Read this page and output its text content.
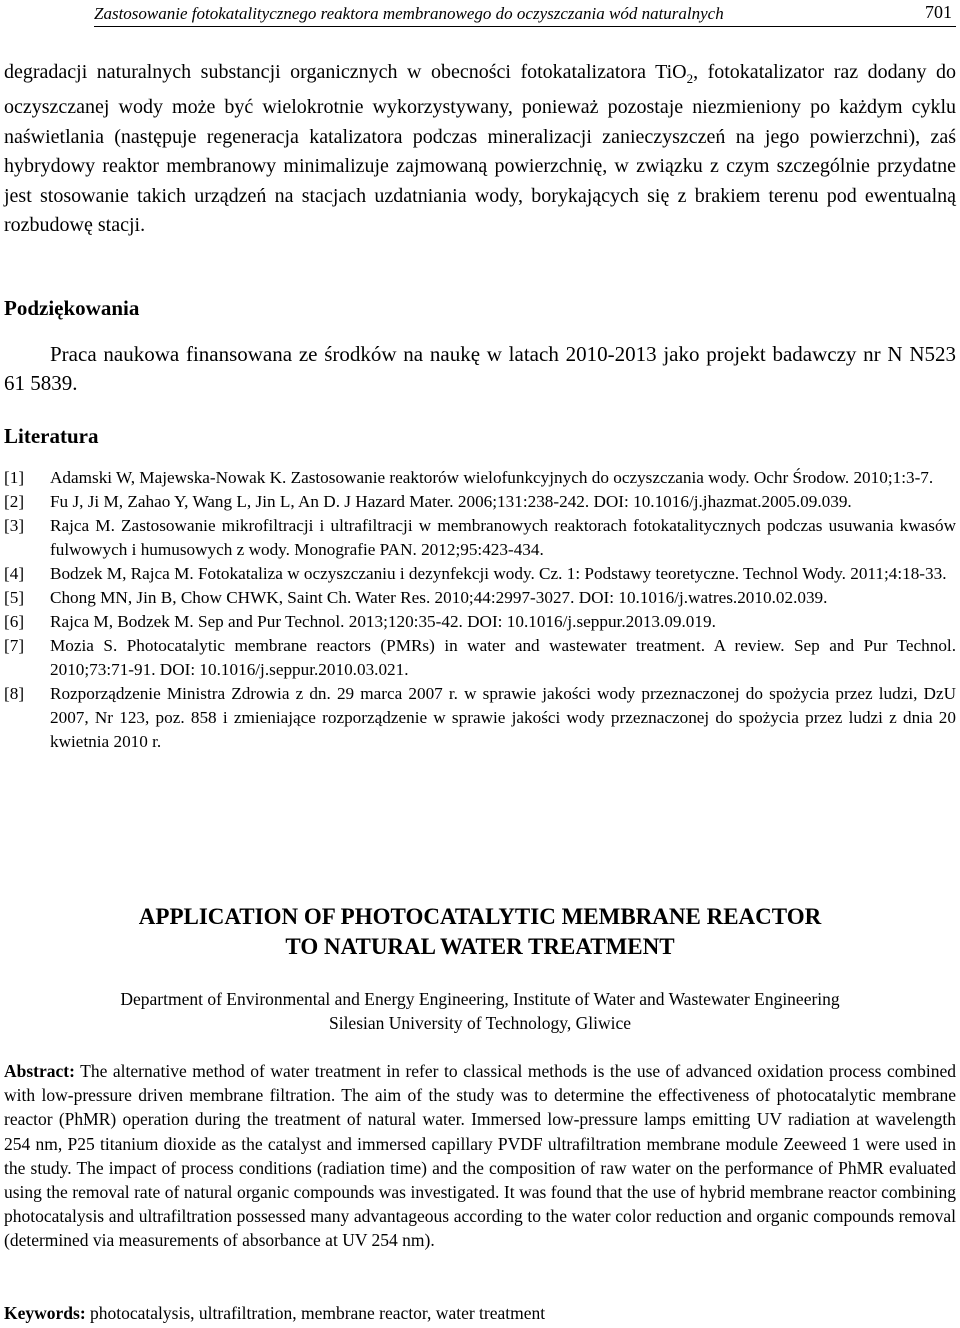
Zastosowanie fotokatalitycznego reaktora membranowego do oczyszczania wód naturalnych	701
degradacji naturalnych substancji organicznych w obecności fotokatalizatora TiO$_2$, fotokatalizator raz dodany do oczyszczanej wody może być wielokrotnie wykorzystywany, ponieważ pozostaje niezmieniony po każdym cyklu naświetlania (następuje regeneracja katalizatora podczas mineralizacji zanieczyszczeń na jego powierzchni), zaś hybrydowy reaktor membranowy minimalizuje zajmowaną powierzchnię, w związku z czym szczególnie przydatne jest stosowanie takich urządzeń na stacjach uzdatniania wody, borykających się z brakiem terenu pod ewentualną rozbudowę stacji.
Podziękowania
Praca naukowa finansowana ze środków na naukę w latach 2010-2013 jako projekt badawczy nr N N523 61 5839.
Literatura
[1]	Adamski W, Majewska-Nowak K. Zastosowanie reaktorów wielofunkcyjnych do oczyszczania wody. Ochr Środow. 2010;1:3-7.
[2]	Fu J, Ji M, Zahao Y, Wang L, Jin L, An D. J Hazard Mater. 2006;131:238-242. DOI: 10.1016/j.jhazmat.2005.09.039.
[3]	Rajca M. Zastosowanie mikrofiltracji i ultrafiltracji w membranowych reaktorach fotokatalitycznych podczas usuwania kwasów fulwowych i humusowych z wody. Monografie PAN. 2012;95:423-434.
[4]	Bodzek M, Rajca M. Fotokataliza w oczyszczaniu i dezynfekcji wody. Cz. 1: Podstawy teoretyczne. Technol Wody. 2011;4:18-33.
[5]	Chong MN, Jin B, Chow CHWK, Saint Ch. Water Res. 2010;44:2997-3027. DOI: 10.1016/j.watres.2010.02.039.
[6]	Rajca M, Bodzek M. Sep and Pur Technol. 2013;120:35-42. DOI: 10.1016/j.seppur.2013.09.019.
[7]	Mozia S. Photocatalytic membrane reactors (PMRs) in water and wastewater treatment. A review. Sep and Pur Technol. 2010;73:71-91. DOI: 10.1016/j.seppur.2010.03.021.
[8]	Rozporządzenie Ministra Zdrowia z dn. 29 marca 2007 r. w sprawie jakości wody przeznaczonej do spożycia przez ludzi, DzU 2007, Nr 123, poz. 858 i zmieniające rozporządzenie w sprawie jakości wody przeznaczonej do spożycia przez ludzi z dnia 20 kwietnia 2010 r.
APPLICATION OF PHOTOCATALYTIC MEMBRANE REACTOR
TO NATURAL WATER TREATMENT
Department of Environmental and Energy Engineering, Institute of Water and Wastewater Engineering
Silesian University of Technology, Gliwice
Abstract: The alternative method of water treatment in refer to classical methods is the use of advanced oxidation process combined with low-pressure driven membrane filtration. The aim of the study was to determine the effectiveness of photocatalytic membrane reactor (PhMR) operation during the treatment of natural water. Immersed low-pressure lamps emitting UV radiation at wavelength 254 nm, P25 titanium dioxide as the catalyst and immersed capillary PVDF ultrafiltration membrane module Zeeweed 1 were used in the study. The impact of process conditions (radiation time) and the composition of raw water on the performance of PhMR evaluated using the removal rate of natural organic compounds was investigated. It was found that the use of hybrid membrane reactor combining photocatalysis and ultrafiltration possessed many advantageous according to the water color reduction and organic compounds removal (determined via measurements of absorbance at UV 254 nm).
Keywords: photocatalysis, ultrafiltration, membrane reactor, water treatment
